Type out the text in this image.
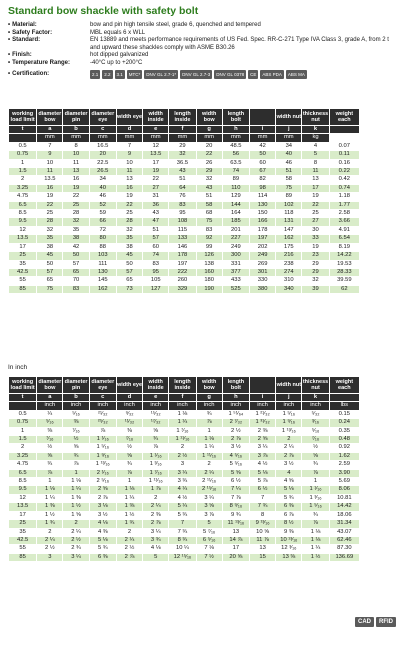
Standard bow shackle with safety bolt
• Material:	bow and pin high tensile steel, grade 6, quenched and tempered
• Safety Factor:	MBL equals 6 x WLL
• Standard:	EN 13889 and meets performance requirements of US Fed. Spec. RR-C-271 Type IVA Class 3, grade A, from 2 t and upward these shackles comply with ASME B30.26
• Finish:	hot dipped galvanized
• Temperature Range:	-40°C up to +200°C
• Certification:	2.1	2.2	3.1	MTC*	DNV GL 2.7-1*	DNV GL 2.7-3	DNV GL 0378	CE	ABS PDA	ABS MA
working load limit	diameter bow	diameter pin	diameter eye	width eye	width inside	length inside	width bow	length bolt		width nut	thickness nut	weight each
t	a	b	c	d	e	f	g	h	i	j	k	
	mm	mm	mm	mm	mm	mm	mm	mm	mm	mm	kg	
0.5	7	8	16.5	7	12	29	20	48.5	42	34	4	0.07
0.75	9	10	20	9	13.5	32	22	56	50	40	5	0.11
1	10	11	22.5	10	17	36.5	26	63.5	60	46	8	0.16
1.5	11	13	26.5	11	19	43	29	74	67	51	11	0.22
2	13.5	16	34	13	22	51	32	89	82	58	13	0.42
3.25	16	19	40	16	27	64	43	110	98	75	17	0.74
4.75	19	22	46	19	31	76	51	129	114	89	19	1.18
6.5	22	25	52	22	36	83	58	144	130	102	22	1.77
8.5	25	28	59	25	43	95	68	164	150	118	25	2.58
9.5	28	32	66	28	47	108	75	185	166	131	27	3.66
12	32	35	72	32	51	115	83	201	178	147	30	4.91
13.5	35	38	80	35	57	133	92	227	197	162	33	6.54
17	38	42	88	38	60	146	99	249	202	175	19	8.19
25	45	50	103	45	74	178	126	300	249	216	23	14.22
35	50	57	111	50	83	197	138	331	269	238	29	19.53
42.5	57	65	130	57	95	222	160	377	301	274	29	28.33
55	65	70	145	65	105	260	180	433	330	310	32	39.59
85	75	83	162	73	127	329	190	525	380	340	39	62
In inch
working load limit	diameter bow	diameter pin	diameter eye	width eye	width inside	length inside	width bow	length bolt		width nut	thickness nut	weight each
t	a	b	c	d	e	f	g	h	i	j	k	
	inch	inch	inch	inch	inch	inch	inch	inch	inch	inch	inch	lbs
0.5	¼	⁵⁄₁₆	²¹⁄₃₂	⁹⁄₃₂	¹⁵⁄₃₂	1 ⅛	¾	1 ⁵¹⁄₆₄	1 ²¹⁄₃₂	1 ⁵⁄₁₆	⁵⁄₃₂	0.15
0.75	⁵⁄₁₆	⅜	²⁵⁄₃₂	¹¹⁄₃₂	¹⁷⁄₃₂	1 ¼	⅞	2 ⁷⁄₃₂	1 ³¹⁄₃₂	1 ⁹⁄₁₆	³⁄₁₆	0.24
1	⅜	⁷⁄₁₆	⅞	⅜	⅝	1 ⁷⁄₁₆	1	2 ½	2 ⅜	1 ¹³⁄₁₆	⁵⁄₁₆	0.35
1.5	⁷⁄₁₆	½	1 ¹⁄₁₆	⁷⁄₁₆	¾	1 ¹¹⁄₁₆	1 ⅛	2 ⅞	2 ⅝	2	⁷⁄₁₆	0.48
2	½	⅝	1 ⁵⁄₁₆	½	⅞	2	1 ¼	3 ½	3 ¼	2 ¼	½	0.92
3.25	⅝	¾	1 ⁹⁄₁₆	⅝	1 ¹⁄₁₆	2 ½	1 ¹¹⁄₁₆	4 ⁵⁄₁₆	3 ⅞	2 ⅞	⅝	1.62
4.75	¾	⅞	1 ¹³⁄₁₆	¾	1 ³⁄₁₆	3	2	5 ⁵⁄₁₆	4 ½	3 ½	¾	2.59
6.5	⅞	1	2 ¹⁄₁₆	⅞	1 ⁷⁄₁₆	3 ¼	2 ¼	5 ⅝	5 ⅛	4	⅞	3.90
8.5	1	1 ⅛	2 ⁵⁄₁₆	1	1 ¹¹⁄₁₆	3 ¾	2 ¹¹⁄₁₆	6 ½	5 ⅞	4 ⅝	1	5.69
9.5	1 ⅛	1 ¼	2 ⅝	1 ⅛	1 ⅞	4 ¼	2 ¹⁵⁄₁₆	7 ¼	6 ½	5 ⅛	1 ¹⁄₁₆	8.06
12	1 ¼	1 ⅜	2 ⅞	1 ¼	2	4 ½	3 ¼	7 ⅞	7	5 ¾	1 ³⁄₁₆	10.81
13.5	1 ⅜	1 ½	3 ⅛	1 ⅜	2 ¼	5 ¼	3 ⅝	8 ⁹⁄₁₆	7 ¾	6 ⅜	1 ⁵⁄₁₆	14.42
17	1 ½	1 ⅝	3 ½	1 ½	2 ⅜	5 ¾	3 ⅞	9 ¾	8	6 ⅞	¾	18.06
25	1 ¾	2	4 ⅛	1 ¾	2 ⅞	7	5	11 ¹³⁄₁₆	9 ¹³⁄₁₆	8 ½	⅞	31.34
35	2	2 ¼	4 ⅜	2	3 ¼	7 ¾	5 ⁷⁄₁₆	13	10 ⅝	9 ⅜	1 ⅛	43.07
42.5	2 ¼	2 ½	5 ⅛	2 ¼	3 ¾	8 ¾	6 ⁵⁄₁₆	14 ⅞	11 ⅞	10 ¹³⁄₁₆	1 ⅛	62.46
55	2 ½	2 ¾	5 ¾	2 ½	4 ⅛	10 ¼	7 ⅛	17	13	12 ³⁄₁₆	1 ¼	87.30
85	3	3 ¼	6 ⅜	2 ⅞	5	12 ¹⁵⁄₁₆	7 ½	20 ⅝	15	13 ⅜	1 ½	136.69
CAD	RFID
